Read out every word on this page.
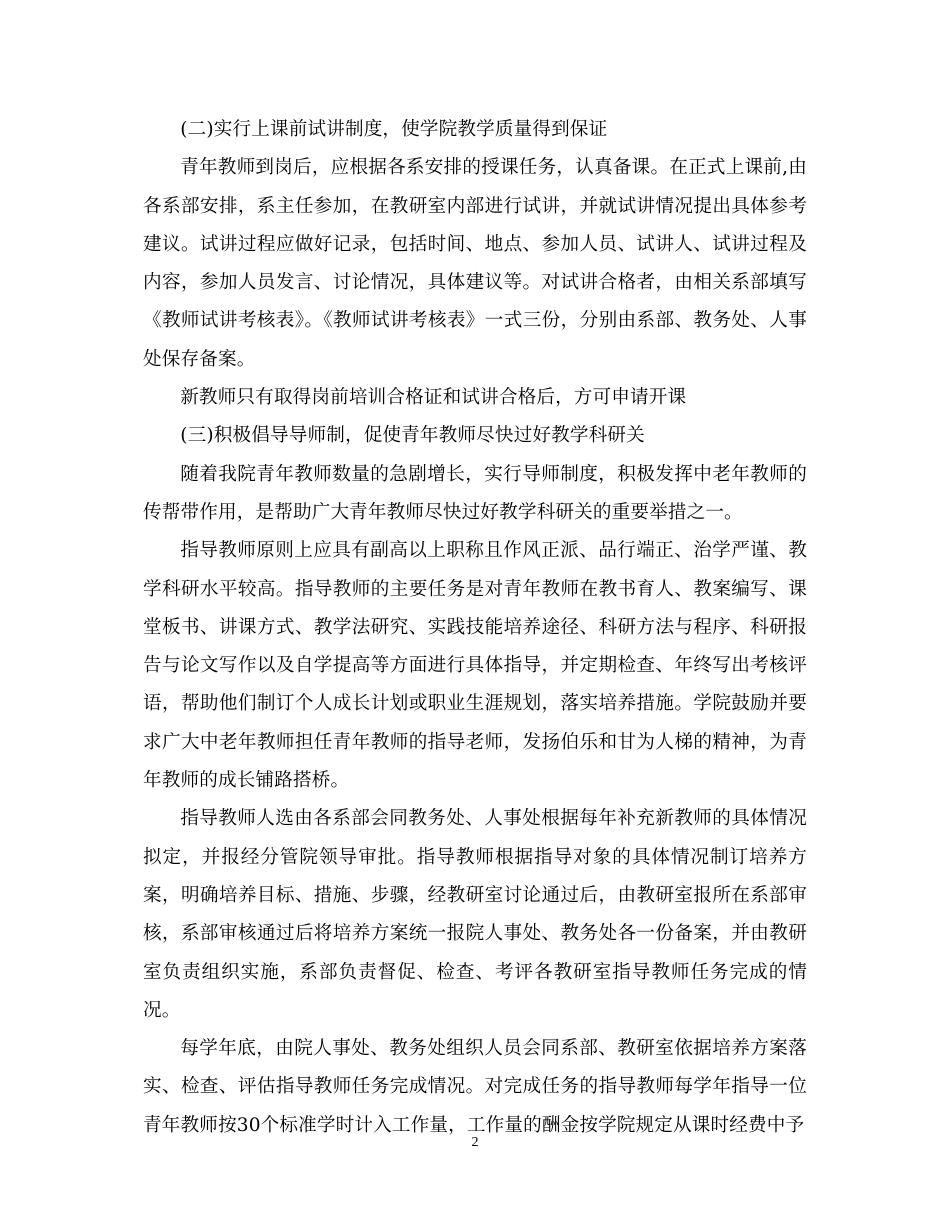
(二)实行上课前试讲制度，使学院教学质量得到保证

青年教师到岗后，应根据各系安排的授课任务，认真备课。在正式上课前,由各系部安排，系主任参加，在教研室内部进行试讲，并就试讲情况提出具体参考建议。试讲过程应做好记录，包括时间、地点、参加人员、试讲人、试讲过程及内容，参加人员发言、讨论情况，具体建议等。对试讲合格者，由相关系部填写《教师试讲考核表》。《教师试讲考核表》一式三份，分别由系部、教务处、人事处保存备案。

新教师只有取得岗前培训合格证和试讲合格后，方可申请开课

(三)积极倡导导师制，促使青年教师尽快过好教学科研关

随着我院青年教师数量的急剧增长，实行导师制度，积极发挥中老年教师的传帮带作用，是帮助广大青年教师尽快过好教学科研关的重要举措之一。

指导教师原则上应具有副高以上职称且作风正派、品行端正、治学严谨、教学科研水平较高。指导教师的主要任务是对青年教师在教书育人、教案编写、课堂板书、讲课方式、教学法研究、实践技能培养途径、科研方法与程序、科研报告与论文写作以及自学提高等方面进行具体指导，并定期检查、年终写出考核评语，帮助他们制订个人成长计划或职业生涯规划，落实培养措施。学院鼓励并要求广大中老年教师担任青年教师的指导老师，发扬伯乐和甘为人梯的精神，为青年教师的成长铺路搭桥。

指导教师人选由各系部会同教务处、人事处根据每年补充新教师的具体情况拟定，并报经分管院领导审批。指导教师根据指导对象的具体情况制订培养方案，明确培养目标、措施、步骤，经教研室讨论通过后，由教研室报所在系部审核，系部审核通过后将培养方案统一报院人事处、教务处各一份备案，并由教研室负责组织实施，系部负责督促、检查、考评各教研室指导教师任务完成的情况。

每学年底，由院人事处、教务处组织人员会同系部、教研室依据培养方案落实、检查、评估指导教师任务完成情况。对完成任务的指导教师每学年指导一位青年教师按30个标准学时计入工作量，工作量的酬金按学院规定从课时经费中予

2
